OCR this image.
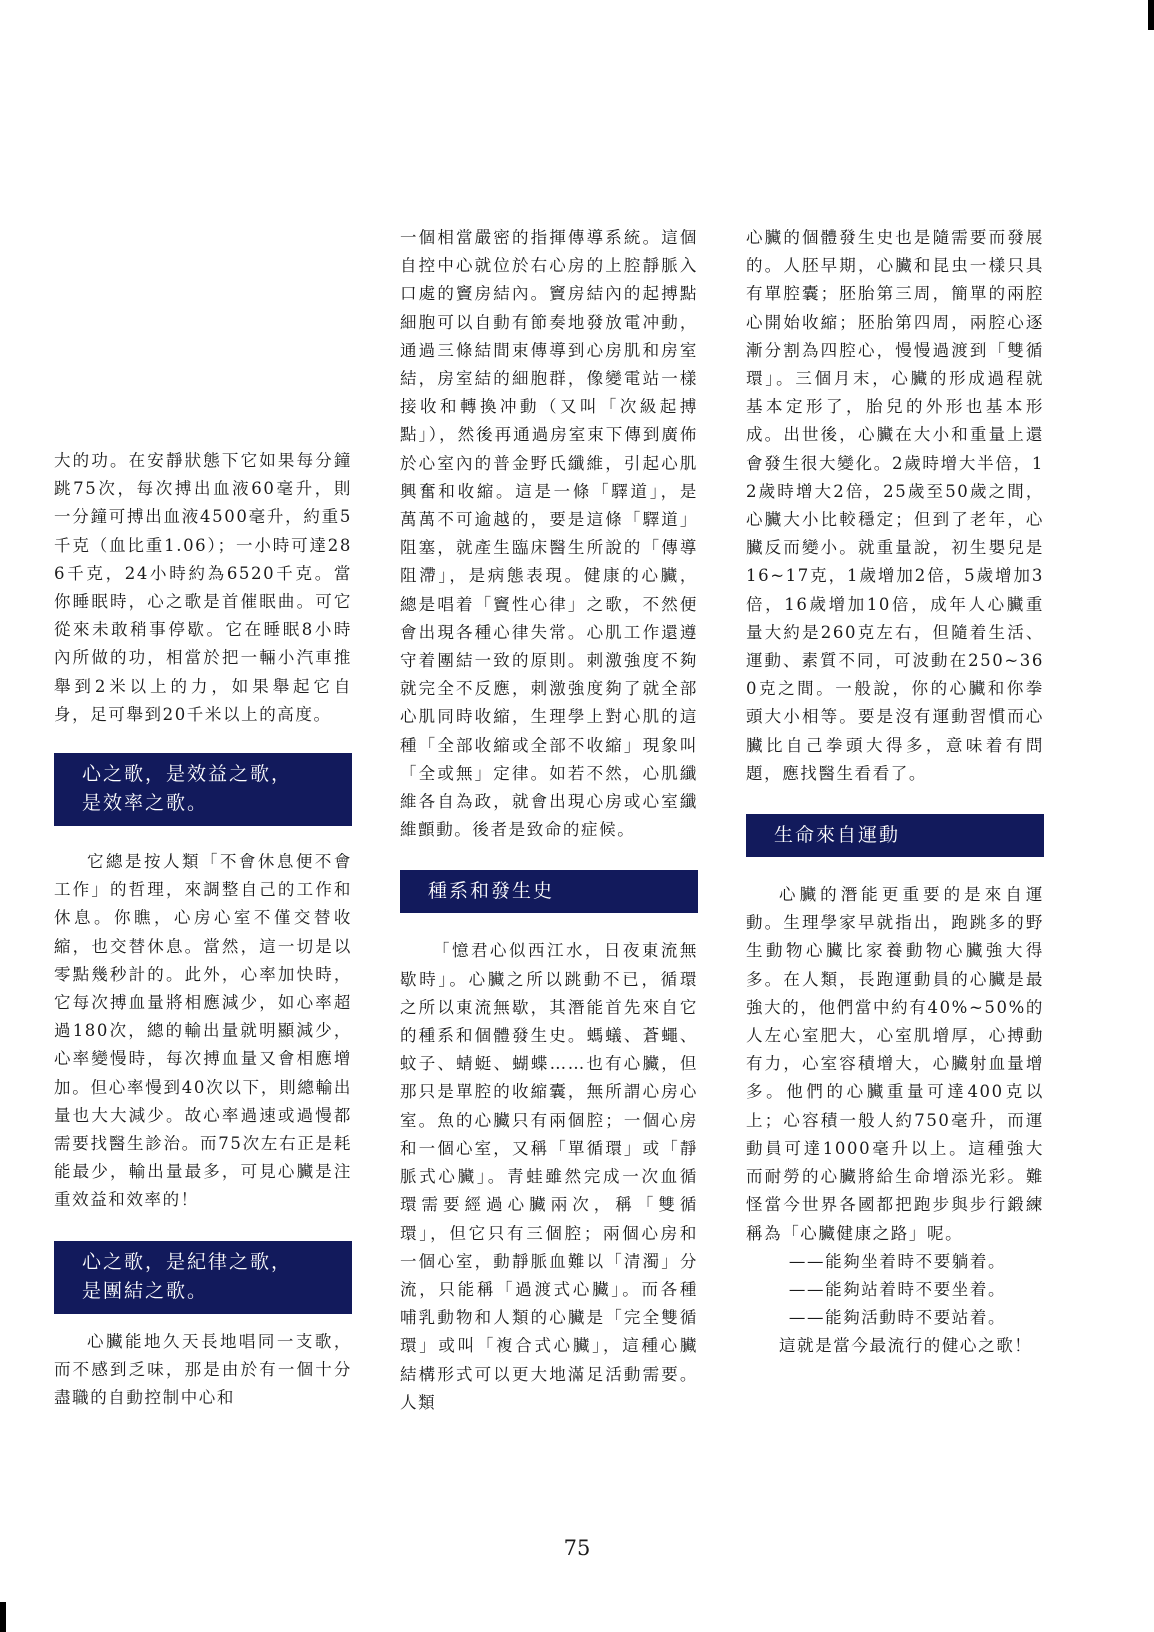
大的功。在安靜狀態下它如果每分鐘跳75次，每次搏出血液60毫升，則一分鐘可搏出血液4500毫升，約重5千克（血比重1.06）；一小時可達286千克，24小時約為6520千克。當你睡眠時，心之歌是首催眠曲。可它從來未敢稍事停歇。它在睡眠8小時內所做的功，相當於把一輛小汽車推舉到2米以上的力，如果舉起它自身，足可舉到20千米以上的高度。

心之歌，是效益之歌，
是效率之歌。

它總是按人類「不會休息便不會工作」的哲理，來調整自己的工作和休息。你瞧，心房心室不僅交替收縮，也交替休息。當然，這一切是以零點幾秒計的。此外，心率加快時，它每次搏血量將相應減少，如心率超過180次，總的輸出量就明顯減少，心率變慢時，每次搏血量又會相應增加。但心率慢到40次以下，則總輸出量也大大減少。故心率過速或過慢都需要找醫生診治。而75次左右正是耗能最少，輸出量最多，可見心臟是注重效益和效率的！

心之歌，是紀律之歌，
是團結之歌。

心臟能地久天長地唱同一支歌，而不感到乏味，那是由於有一個十分盡職的自動控制中心和

一個相當嚴密的指揮傳導系統。這個自控中心就位於右心房的上腔靜脈入口處的竇房結內。竇房結內的起搏點細胞可以自動有節奏地發放電冲動，通過三條結間束傳導到心房肌和房室結，房室結的細胞群，像變電站一樣接收和轉換冲動（又叫「次級起搏點」），然後再通過房室束下傳到廣佈於心室內的普金野氏纖維，引起心肌興奮和收縮。這是一條「驛道」，是萬萬不可逾越的，要是這條「驛道」阻塞，就產生臨床醫生所說的「傳導阻滯」，是病態表現。健康的心臟，總是唱着「竇性心律」之歌，不然便會出現各種心律失常。心肌工作還遵守着團結一致的原則。刺激強度不夠就完全不反應，刺激強度夠了就全部心肌同時收縮，生理學上對心肌的這種「全部收縮或全部不收縮」現象叫「全或無」定律。如若不然，心肌纖維各自為政，就會出現心房或心室纖維顫動。後者是致命的症候。

種系和發生史

「憶君心似西江水，日夜東流無歇時」。心臟之所以跳動不已，循環之所以東流無歇，其潛能首先來自它的種系和個體發生史。螞蟻、蒼蠅、蚊子、蜻蜓、蝴蝶……也有心臟，但那只是單腔的收縮囊，無所謂心房心室。魚的心臟只有兩個腔；一個心房和一個心室，又稱「單循環」或「靜脈式心臟」。青蛙雖然完成一次血循環需要經過心臟兩次，稱「雙循環」，但它只有三個腔；兩個心房和一個心室，動靜脈血難以「清濁」分流，只能稱「過渡式心臟」。而各種哺乳動物和人類的心臟是「完全雙循環」或叫「複合式心臟」，這種心臟結構形式可以更大地滿足活動需要。人類

心臟的個體發生史也是隨需要而發展的。人胚早期，心臟和昆虫一樣只具有單腔囊；胚胎第三周，簡單的兩腔心開始收縮；胚胎第四周，兩腔心逐漸分割為四腔心，慢慢過渡到「雙循環」。三個月末，心臟的形成過程就基本定形了，胎兒的外形也基本形成。出世後，心臟在大小和重量上還會發生很大變化。2歲時增大半倍，12歲時增大2倍，25歲至50歲之間，心臟大小比較穩定；但到了老年，心臟反而變小。就重量說，初生嬰兒是16~17克，1歲增加2倍，5歲增加3倍，16歲增加10倍，成年人心臟重量大約是260克左右，但隨着生活、運動、素質不同，可波動在250~360克之間。一般說，你的心臟和你拳頭大小相等。要是沒有運動習慣而心臟比自己拳頭大得多，意味着有問題，應找醫生看看了。

生命來自運動

心臟的潛能更重要的是來自運動。生理學家早就指出，跑跳多的野生動物心臟比家養動物心臟強大得多。在人類，長跑運動員的心臟是最強大的，他們當中約有40%~50%的人左心室肥大，心室肌增厚，心搏動有力，心室容積增大，心臟射血量增多。他們的心臟重量可達400克以上；心容積一般人約750毫升，而運動員可達1000毫升以上。這種強大而耐勞的心臟將給生命增添光彩。難怪當今世界各國都把跑步與步行鍛練稱為「心臟健康之路」呢。

——能夠坐着時不要躺着。

——能夠站着時不要坐着。

——能夠活動時不要站着。

這就是當今最流行的健心之歌！

75
